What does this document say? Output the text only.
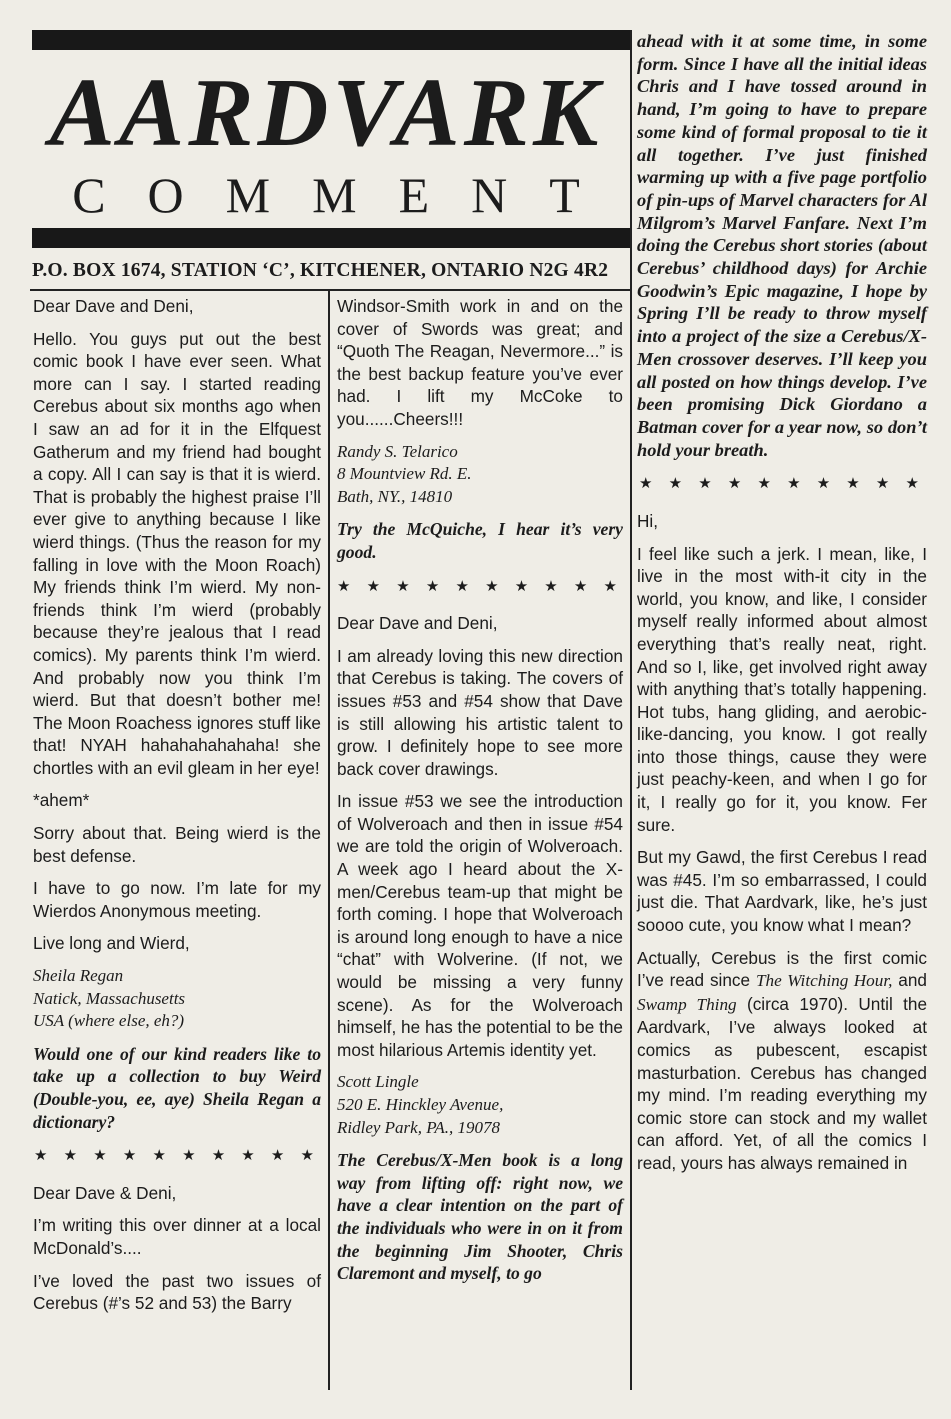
AARDVARK
COMMENT
P.O. BOX 1674, STATION ‘C’, KITCHENER, ONTARIO N2G 4R2

Dear Dave and Deni,

Hello. You guys put out the best comic book I have ever seen. What more can I say. I started reading Cerebus about six months ago when I saw an ad for it in the Elfquest Gatherum and my friend had bought a copy. All I can say is that it is wierd. That is probably the highest praise I’ll ever give to anything because I like wierd things. (Thus the reason for my falling in love with the Moon Roach) My friends think I’m wierd. My non-friends think I’m wierd (probably because they’re jealous that I read comics). My parents think I’m wierd. And probably now you think I’m wierd. But that doesn’t bother me! The Moon Roachess ignores stuff like that! NYAH hahahahahahaha! she chortles with an evil gleam in her eye!

*ahem*

Sorry about that. Being wierd is the best defense.

I have to go now. I’m late for my Wierdos Anonymous meeting.

Live long and Wierd,

Sheila Regan
Natick, Massachusetts
USA (where else, eh?)
Would one of our kind readers like to take up a collection to buy Weird (Double-you, ee, aye) Sheila Regan a dictionary?
★ ★ ★ ★ ★ ★ ★ ★ ★ ★

Dear Dave & Deni,

I’m writing this over dinner at a local McDonald’s....

I’ve loved the past two issues of Cerebus (#’s 52 and 53) the Barry

Windsor-Smith work in and on the cover of Swords was great; and “Quoth The Reagan, Nevermore...” is the best backup feature you’ve ever had. I lift my McCoke to you......Cheers!!!

Randy S. Telarico
8 Mountview Rd. E.
Bath, NY., 14810
Try the McQuiche, I hear it’s very good.
★ ★ ★ ★ ★ ★ ★ ★ ★ ★

Dear Dave and Deni,

I am already loving this new direction that Cerebus is taking. The covers of issues #53 and #54 show that Dave is still allowing his artistic talent to grow. I definitely hope to see more back cover drawings.

In issue #53 we see the introduction of Wolveroach and then in issue #54 we are told the origin of Wolveroach. A week ago I heard about the X-men/Cerebus team-up that might be forth coming. I hope that Wolveroach is around long enough to have a nice “chat” with Wolverine. (If not, we would be missing a very funny scene). As for the Wolveroach himself, he has the potential to be the most hilarious Artemis identity yet.

Scott Lingle
520 E. Hinckley Avenue,
Ridley Park, PA., 19078
The Cerebus/X-Men book is a long way from lifting off: right now, we have a clear intention on the part of the individuals who were in on it from the beginning Jim Shooter, Chris Claremont and myself, to go
ahead with it at some time, in some form. Since I have all the initial ideas Chris and I have tossed around in hand, I’m going to have to prepare some kind of formal proposal to tie it all together. I’ve just finished warming up with a five page portfolio of pin-ups of Marvel characters for Al Milgrom’s Marvel Fanfare. Next I’m doing the Cerebus short stories (about Cerebus’ childhood days) for Archie Goodwin’s Epic magazine, I hope by Spring I’ll be ready to throw myself into a project of the size a Cerebus/X-Men crossover deserves. I’ll keep you all posted on how things develop. I’ve been promising Dick Giordano a Batman cover for a year now, so don’t hold your breath.
★ ★ ★ ★ ★ ★ ★ ★ ★ ★

Hi,

I feel like such a jerk. I mean, like, I live in the most with-it city in the world, you know, and like, I consider myself really informed about almost everything that’s really neat, right. And so I, like, get involved right away with anything that’s totally happening. Hot tubs, hang gliding, and aerobic-like-dancing, you know. I got really into those things, cause they were just peachy-keen, and when I go for it, I really go for it, you know. Fer sure.

But my Gawd, the first Cerebus I read was #45. I’m so embarrassed, I could just die. That Aardvark, like, he’s just soooo cute, you know what I mean?

Actually, Cerebus is the first comic I’ve read since The Witching Hour, and Swamp Thing (circa 1970). Until the Aardvark, I’ve always looked at comics as pubescent, escapist masturbation. Cerebus has changed my mind. I’m reading everything my comic store can stock and my wallet can afford. Yet, of all the comics I read, yours has always remained in
